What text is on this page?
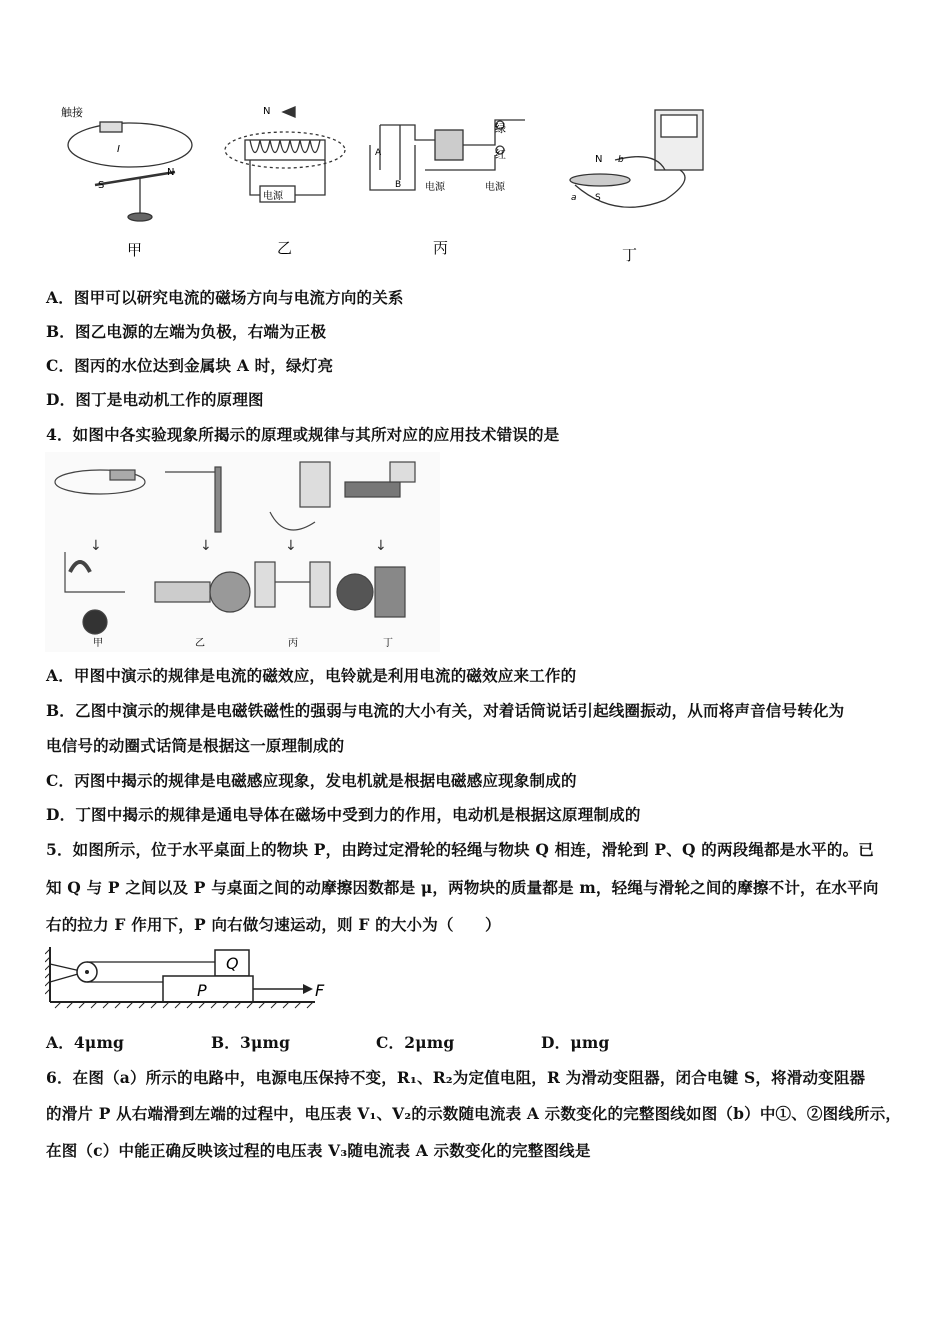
触接
I
S
N
N
电源
A
B
绿
红
电源	电源
N b
a S
甲	乙	丙	丁
A．图甲可以研究电流的磁场方向与电流方向的关系
B．图乙电源的左端为负极，右端为正极
C．图丙的水位达到金属块 A 时，绿灯亮
D．图丁是电动机工作的原理图
4．如图中各实验现象所揭示的原理或规律与其所对应的应用技术错误的是
↓	↓	↓	↓
甲	乙	丙	丁
A．甲图中演示的规律是电流的磁效应，电铃就是利用电流的磁效应来工作的
B．乙图中演示的规律是电磁铁磁性的强弱与电流的大小有关，对着话筒说话引起线圈振动，从而将声音信号转化为
电信号的动圈式话筒是根据这一原理制成的
C．丙图中揭示的规律是电磁感应现象，发电机就是根据电磁感应现象制成的
D．丁图中揭示的规律是通电导体在磁场中受到力的作用，电动机是根据这原理制成的
5．如图所示，位于水平桌面上的物块 P，由跨过定滑轮的轻绳与物块 Q 相连，滑轮到 P、Q 的两段绳都是水平的。已
知 Q 与 P 之间以及 P 与桌面之间的动摩擦因数都是 μ，两物块的质量都是 m，轻绳与滑轮之间的摩擦不计，在水平向
右的拉力 F 作用下，P 向右做匀速运动，则 F 的大小为（　　）
Q
P	F
A．4μmg	B．3μmg	C．2μmg	D．μmg
6．在图（a）所示的电路中，电源电压保持不变，R₁、R₂为定值电阻，R 为滑动变阻器，闭合电键 S，将滑动变阻器
的滑片 P 从右端滑到左端的过程中，电压表 V₁、V₂的示数随电流表 A 示数变化的完整图线如图（b）中①、②图线所示，
在图（c）中能正确反映该过程的电压表 V₃随电流表 A 示数变化的完整图线是
